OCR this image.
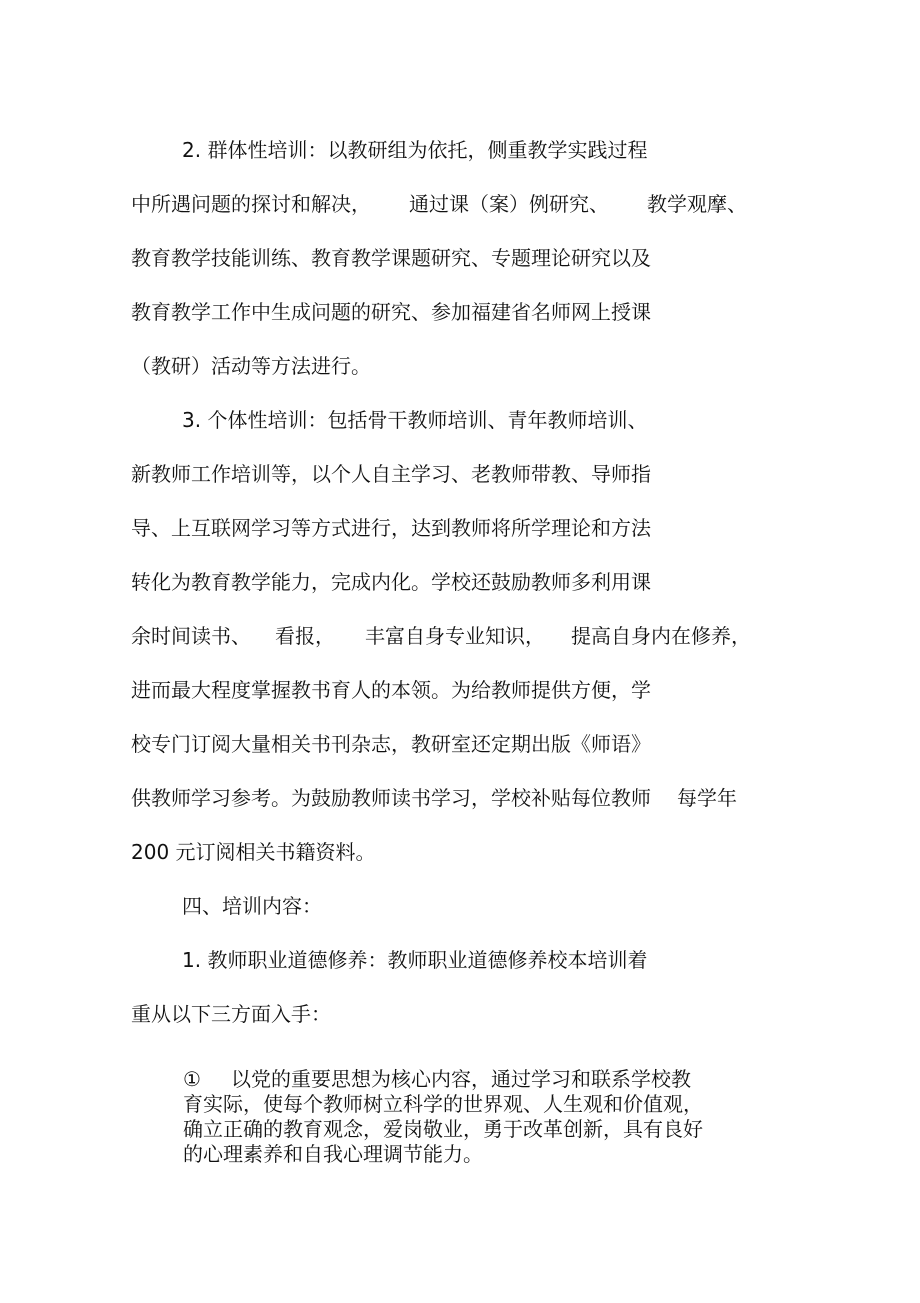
2. 群体性培训：以教研组为依托，侧重教学实践过程

中所遇问题的探讨和解决， 通过课（案）例研究、 教学观摩、

教育教学技能训练、教育教学课题研究、专题理论研究以及

教育教学工作中生成问题的研究、参加福建省名师网上授课

（教研）活动等方法进行。

3. 个体性培训：包括骨干教师培训、青年教师培训、

新教师工作培训等，以个人自主学习、老教师带教、导师指

导、上互联网学习等方式进行，达到教师将所学理论和方法

转化为教育教学能力，完成内化。学校还鼓励教师多利用课

余时间读书、 看报， 丰富自身专业知识， 提高自身内在修养，

进而最大程度掌握教书育人的本领。为给教师提供方便，学

校专门订阅大量相关书刊杂志，教研室还定期出版《师语》

供教师学习参考。为鼓励教师读书学习，学校补贴每位教师 每学年

200 元订阅相关书籍资料。

四、培训内容：

1. 教师职业道德修养：教师职业道德修养校本培训着

重从以下三方面入手：

① 以党的重要思想为核心内容，通过学习和联系学校教
育实际，使每个教师树立科学的世界观、人生观和价值观，
确立正确的教育观念，爱岗敬业，勇于改革创新，具有良好
的心理素养和自我心理调节能力。
